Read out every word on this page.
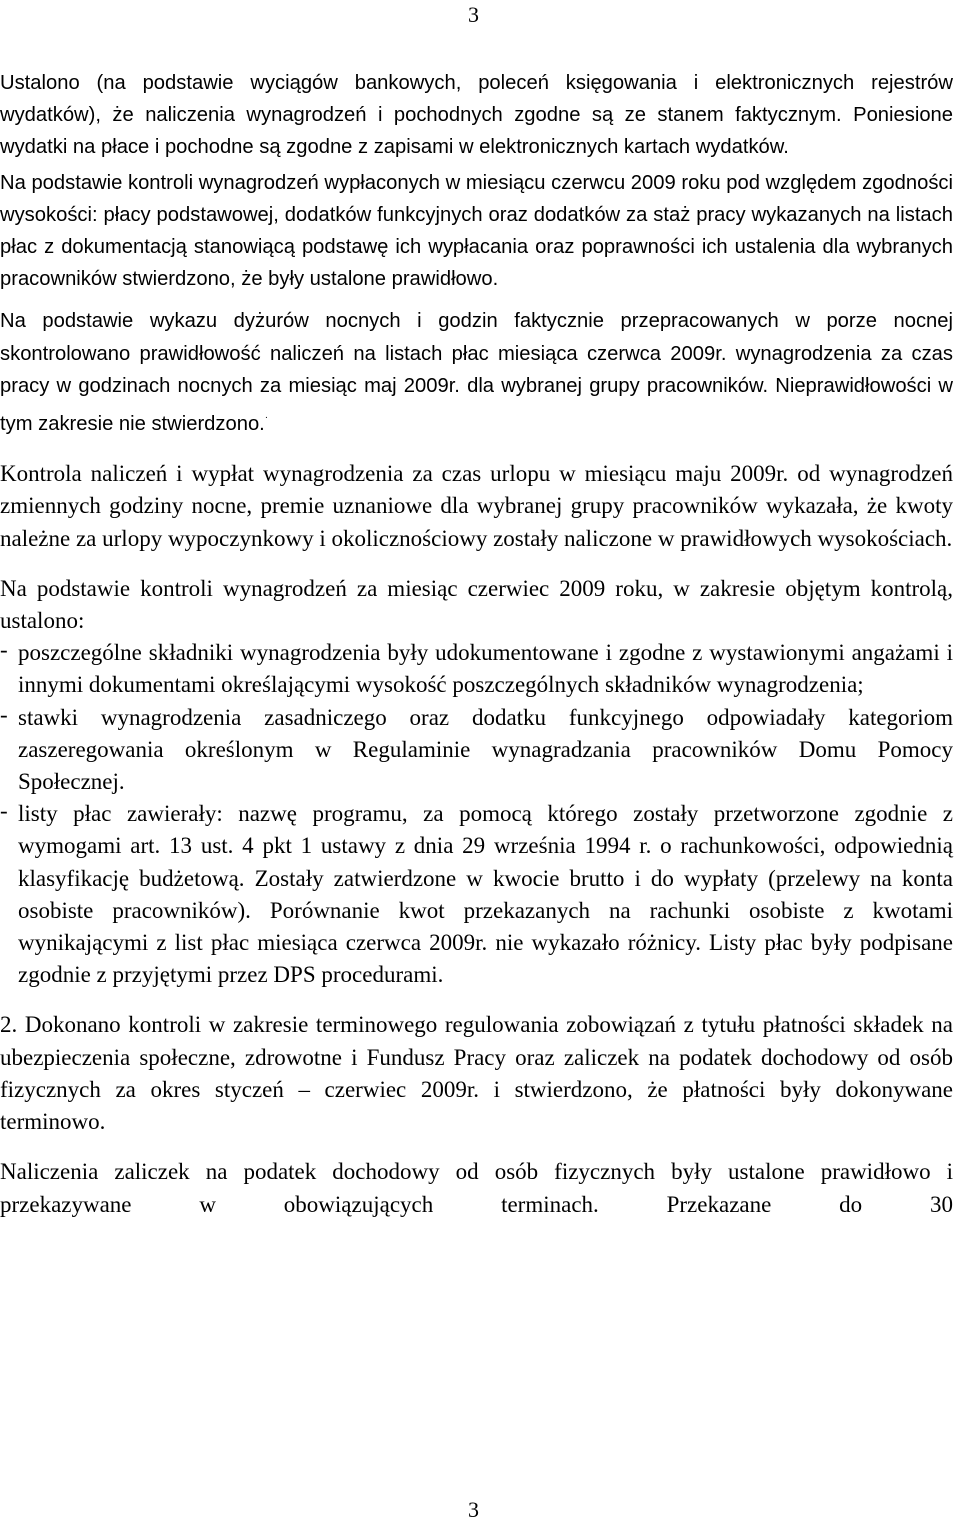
3

Ustalono (na podstawie wyciągów bankowych, poleceń księgowania i elektronicznych rejestrów wydatków), że naliczenia wynagrodzeń i pochodnych zgodne są ze stanem faktycznym. Poniesione wydatki na płace i pochodne są zgodne z zapisami w elektronicznych kartach wydatków.

Na podstawie kontroli wynagrodzeń wypłaconych w miesiącu czerwcu 2009 roku pod względem zgodności wysokości: płacy podstawowej, dodatków funkcyjnych oraz dodatków za staż pracy wykazanych na listach płac z dokumentacją stanowiącą podstawę ich wypłacania oraz poprawności ich ustalenia dla wybranych pracowników stwierdzono, że były ustalone prawidłowo.

Na podstawie wykazu dyżurów nocnych i godzin faktycznie przepracowanych w porze nocnej skontrolowano prawidłowość naliczeń na listach płac miesiąca czerwca 2009r. wynagrodzenia za czas pracy w godzinach nocnych za miesiąc maj 2009r. dla wybranej grupy pracowników. Nieprawidłowości w tym zakresie nie stwierdzono.·

Kontrola naliczeń i wypłat wynagrodzenia za czas urlopu w miesiącu maju 2009r. od wynagrodzeń zmiennych godziny nocne, premie uznaniowe dla wybranej grupy pracowników wykazała, że kwoty należne za urlopy wypoczynkowy i okolicznościowy zostały naliczone w prawidłowych wysokościach.

Na podstawie kontroli wynagrodzeń za miesiąc czerwiec 2009 roku, w zakresie objętym kontrolą, ustalono:

- poszczególne składniki wynagrodzenia były udokumentowane i zgodne z wystawionymi angażami i innymi dokumentami określającymi wysokość poszczególnych składników wynagrodzenia;

- stawki wynagrodzenia zasadniczego oraz dodatku funkcyjnego odpowiadały kategoriom zaszeregowania określonym w Regulaminie wynagradzania pracowników Domu Pomocy Społecznej.

- listy płac zawierały: nazwę programu, za pomocą którego zostały przetworzone zgodnie z wymogami art. 13 ust. 4 pkt 1 ustawy z dnia 29 września 1994 r. o rachunkowości, odpowiednią klasyfikację budżetową. Zostały zatwierdzone w kwocie brutto i do wypłaty (przelewy na konta osobiste pracowników). Porównanie kwot przekazanych na rachunki osobiste z kwotami wynikającymi z list płac miesiąca czerwca 2009r. nie wykazało różnicy. Listy płac były podpisane zgodnie z przyjętymi przez DPS procedurami.

2. Dokonano kontroli w zakresie terminowego regulowania zobowiązań z tytułu płatności składek na ubezpieczenia społeczne, zdrowotne i Fundusz Pracy oraz zaliczek na podatek dochodowy od osób fizycznych za okres styczeń – czerwiec 2009r. i stwierdzono, że płatności były dokonywane terminowo.

Naliczenia zaliczek na podatek dochodowy od osób fizycznych były ustalone prawidłowo i przekazywane w obowiązujących terminach. Przekazane do 30

3
